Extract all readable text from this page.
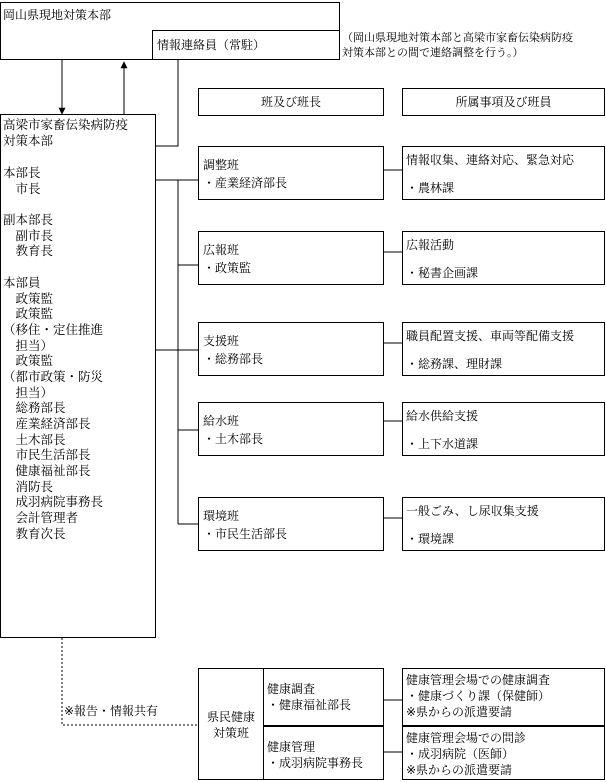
岡山県現地対策本部
情報連絡員（常駐）
（岡山県現地対策本部と高梁市家畜伝染病防疫
対策本部との間で連絡調整を行う。）
班及び班長	所属事項及び班員
高梁市家畜伝染病防疫
対策本部
本部長
　市長
副本部長
　副市長
　教育長
本部員
　政策監
　政策監
（移住・定住推進
　担当）
　政策監
（都市政策・防災
　担当）
　総務部長
　産業経済部長
　土木部長
　市民生活部長
　健康福祉部長
　消防長
　成羽病院事務長
　会計管理者
　教育次長
調整班
・産業経済部長
情報収集、連絡対応、緊急対応
・農林課
広報班
・政策監
広報活動
・秘書企画課
支援班
・総務部長
職員配置支援、車両等配備支援
・総務課、理財課
給水班
・土木部長
給水供給支援
・上下水道課
環境班
・市民生活部長
一般ごみ、し尿収集支援
・環境課
※報告・情報共有	県民健康
対策班
健康調査
・健康福祉部長
健康管理会場での健康調査
・健康づくり課（保健師）
※県からの派遣要請
健康管理
・成羽病院事務長
健康管理会場での問診
・成羽病院（医師）
※県からの派遣要請
